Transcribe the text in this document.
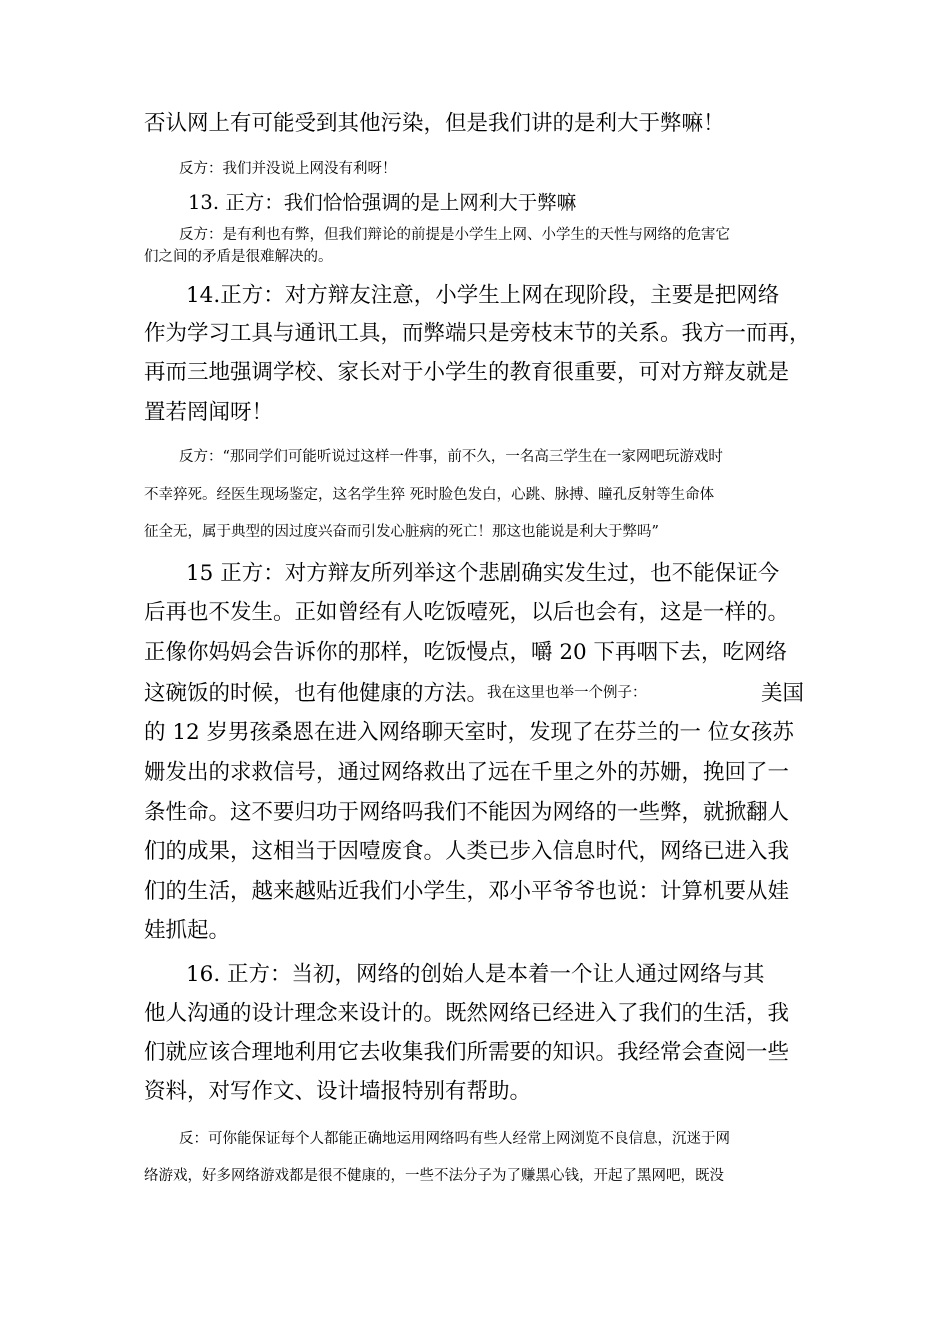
否认网上有可能受到其他污染，但是我们讲的是利大于弊嘛！

反方：我们并没说上网没有利呀！

13. 正方：我们恰恰强调的是上网利大于弊嘛

反方：是有利也有弊，但我们辩论的前提是小学生上网、小学生的天性与网络的危害它

们之间的矛盾是很难解决的。

14.正方：对方辩友注意，小学生上网在现阶段，主要是把网络

作为学习工具与通讯工具，而弊端只是旁枝末节的关系。我方一而再，

再而三地强调学校、家长对于小学生的教育很重要，可对方辩友就是

置若罔闻呀！

反方：“那同学们可能听说过这样一件事，前不久，一名高三学生在一家网吧玩游戏时

不幸猝死。经医生现场鉴定，这名学生猝 死时脸色发白，心跳、脉搏、瞳孔反射等生命体

征全无，属于典型的因过度兴奋而引发心脏病的死亡！那这也能说是利大于弊吗”

15 正方：对方辩友所列举这个悲剧确实发生过，也不能保证今

后再也不发生。正如曾经有人吃饭噎死，以后也会有，这是一样的。

正像你妈妈会告诉你的那样，吃饭慢点，嚼 20 下再咽下去，吃网络

这碗饭的时候，也有他健康的方法。

我在这里也举一个例子：	美国

的 12 岁男孩桑恩在进入网络聊天室时，发现了在芬兰的一 位女孩苏

姗发出的求救信号，通过网络救出了远在千里之外的苏姗，挽回了一

条性命。这不要归功于网络吗我们不能因为网络的一些弊，就掀翻人

们的成果，这相当于因噎废食。人类已步入信息时代，网络已进入我

们的生活，越来越贴近我们小学生，邓小平爷爷也说：计算机要从娃

娃抓起。

16. 正方：当初，网络的创始人是本着一个让人通过网络与其

他人沟通的设计理念来设计的。既然网络已经进入了我们的生活，我

们就应该合理地利用它去收集我们所需要的知识。我经常会查阅一些

资料，对写作文、设计墙报特别有帮助。

反：可你能保证每个人都能正确地运用网络吗有些人经常上网浏览不良信息，沉迷于网

络游戏，好多网络游戏都是很不健康的，一些不法分子为了赚黑心钱，开起了黑网吧，既没
